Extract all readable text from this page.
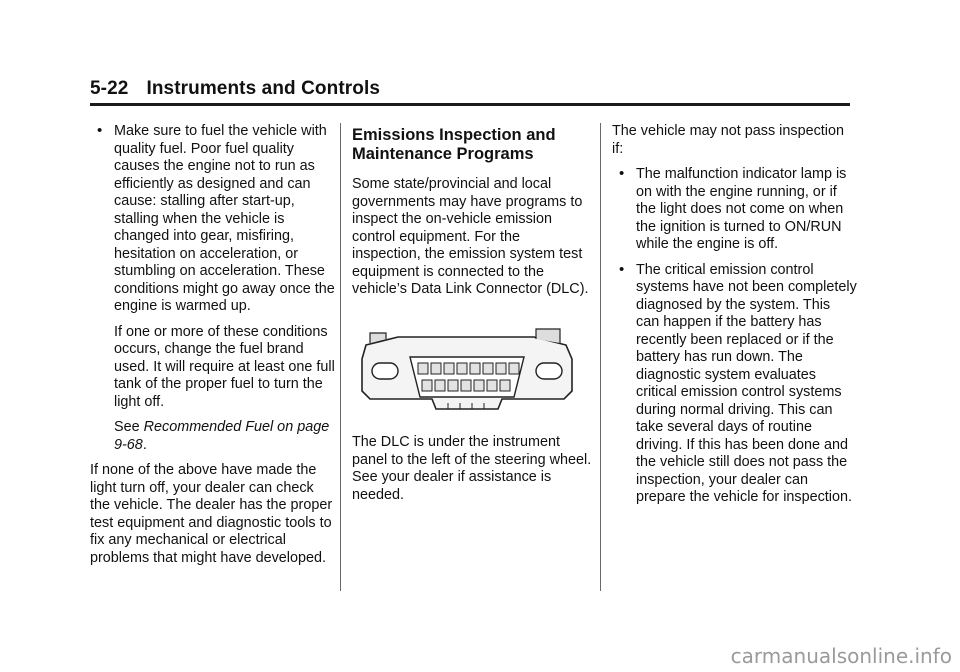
5-22 Instruments and Controls
• Make sure to fuel the vehicle with quality fuel. Poor fuel quality causes the engine not to run as efficiently as designed and can cause: stalling after start-up, stalling when the vehicle is changed into gear, misfiring, hesitation on acceleration, or stumbling on acceleration. These conditions might go away once the engine is warmed up.

If one or more of these conditions occurs, change the fuel brand used. It will require at least one full tank of the proper fuel to turn the light off.

See Recommended Fuel on page 9-68.

If none of the above have made the light turn off, your dealer can check the vehicle. The dealer has the proper test equipment and diagnostic tools to fix any mechanical or electrical problems that might have developed.

Emissions Inspection and Maintenance Programs

Some state/provincial and local governments may have programs to inspect the on-vehicle emission control equipment. For the inspection, the emission system test equipment is connected to the vehicle’s Data Link Connector (DLC).

The DLC is under the instrument panel to the left of the steering wheel. See your dealer if assistance is needed.

The vehicle may not pass inspection if:

• The malfunction indicator lamp is on with the engine running, or if the light does not come on when the ignition is turned to ON/RUN while the engine is off.
• The critical emission control systems have not been completely diagnosed by the system. This can happen if the battery has recently been replaced or if the battery has run down. The diagnostic system evaluates critical emission control systems during normal driving. This can take several days of routine driving. If this has been done and the vehicle still does not pass the inspection, your dealer can prepare the vehicle for inspection.
carmanualsonline.info
